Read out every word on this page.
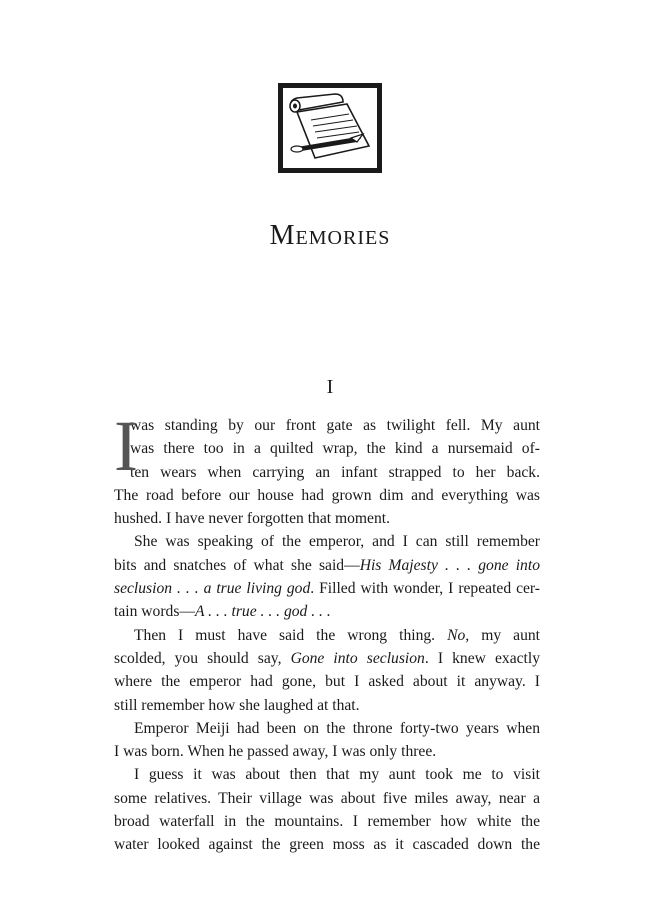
Memories
I
I
was standing by our front gate as twilight fell. My aunt
was there too in a quilted wrap, the kind a nursemaid of-
ten wears when carrying an infant strapped to her back.
The road before our house had grown dim and everything was
hushed. I have never forgotten that moment.
She was speaking of the emperor, and I can still remember
bits and snatches of what she said—His Majesty . . . gone into
seclusion . . . a true living god. Filled with wonder, I repeated cer-
tain words—A . . . true . . . god . . .
Then I must have said the wrong thing. No, my aunt
scolded, you should say, Gone into seclusion. I knew exactly
where the emperor had gone, but I asked about it anyway. I
still remember how she laughed at that.
Emperor Meiji had been on the throne forty-two years when
I was born. When he passed away, I was only three.
I guess it was about then that my aunt took me to visit
some relatives. Their village was about five miles away, near a
broad waterfall in the mountains. I remember how white the
water looked against the green moss as it cascaded down the
